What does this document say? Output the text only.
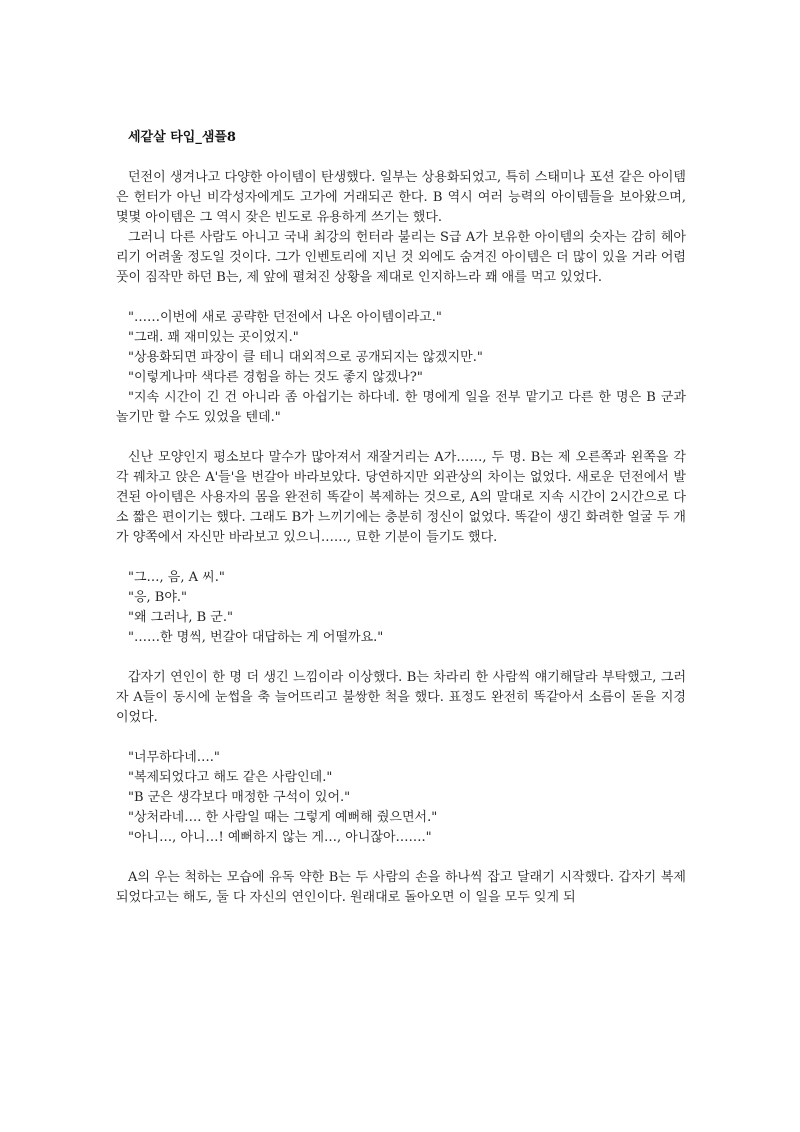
세같살 타입_샘플8

던전이 생겨나고 다양한 아이템이 탄생했다. 일부는 상용화되었고, 특히 스태미나 포션 같은 아이템은 헌터가 아닌 비각성자에게도 고가에 거래되곤 한다. B 역시 여러 능력의 아이템들을 보아왔으며, 몇몇 아이템은 그 역시 잦은 빈도로 유용하게 쓰기는 했다.

그러니 다른 사람도 아니고 국내 최강의 헌터라 불리는 S급 A가 보유한 아이템의 숫자는 감히 헤아리기 어려울 정도일 것이다. 그가 인벤토리에 지닌 것 외에도 숨겨진 아이템은 더 많이 있을 거라 어렴풋이 짐작만 하던 B는, 제 앞에 펼쳐진 상황을 제대로 인지하느라 꽤 애를 먹고 있었다.

"……이번에 새로 공략한 던전에서 나온 아이템이라고."

"그래. 꽤 재미있는 곳이었지."

"상용화되면 파장이 클 테니 대외적으로 공개되지는 않겠지만."

"이렇게나마 색다른 경험을 하는 것도 좋지 않겠나?"

"지속 시간이 긴 건 아니라 좀 아쉽기는 하다네. 한 명에게 일을 전부 맡기고 다른 한 명은 B 군과 놀기만 할 수도 있었을 텐데."

신난 모양인지 평소보다 말수가 많아져서 재잘거리는 A가……, 두 명. B는 제 오른쪽과 왼쪽을 각각 꿰차고 앉은 A'들'을 번갈아 바라보았다. 당연하지만 외관상의 차이는 없었다. 새로운 던전에서 발견된 아이템은 사용자의 몸을 완전히 똑같이 복제하는 것으로, A의 말대로 지속 시간이 2시간으로 다소 짧은 편이기는 했다. 그래도 B가 느끼기에는 충분히 정신이 없었다. 똑같이 생긴 화려한 얼굴 두 개가 양쪽에서 자신만 바라보고 있으니……, 묘한 기분이 들기도 했다.

"그…, 음, A 씨."

"응, B야."

"왜 그러나, B 군."

"……한 명씩, 번갈아 대답하는 게 어떨까요."

갑자기 연인이 한 명 더 생긴 느낌이라 이상했다. B는 차라리 한 사람씩 얘기해달라 부탁했고, 그러자 A들이 동시에 눈썹을 축 늘어뜨리고 불쌍한 척을 했다. 표정도 완전히 똑같아서 소름이 돋을 지경이었다.

"너무하다네…."

"복제되었다고 해도 같은 사람인데."

"B 군은 생각보다 매정한 구석이 있어."

"상처라네…. 한 사람일 때는 그렇게 예뻐해 줬으면서."

"아니…, 아니…! 예뻐하지 않는 게…, 아니잖아……."

A의 우는 척하는 모습에 유독 약한 B는 두 사람의 손을 하나씩 잡고 달래기 시작했다. 갑자기 복제되었다고는 해도, 둘 다 자신의 연인이다. 원래대로 돌아오면 이 일을 모두 잊게 되
